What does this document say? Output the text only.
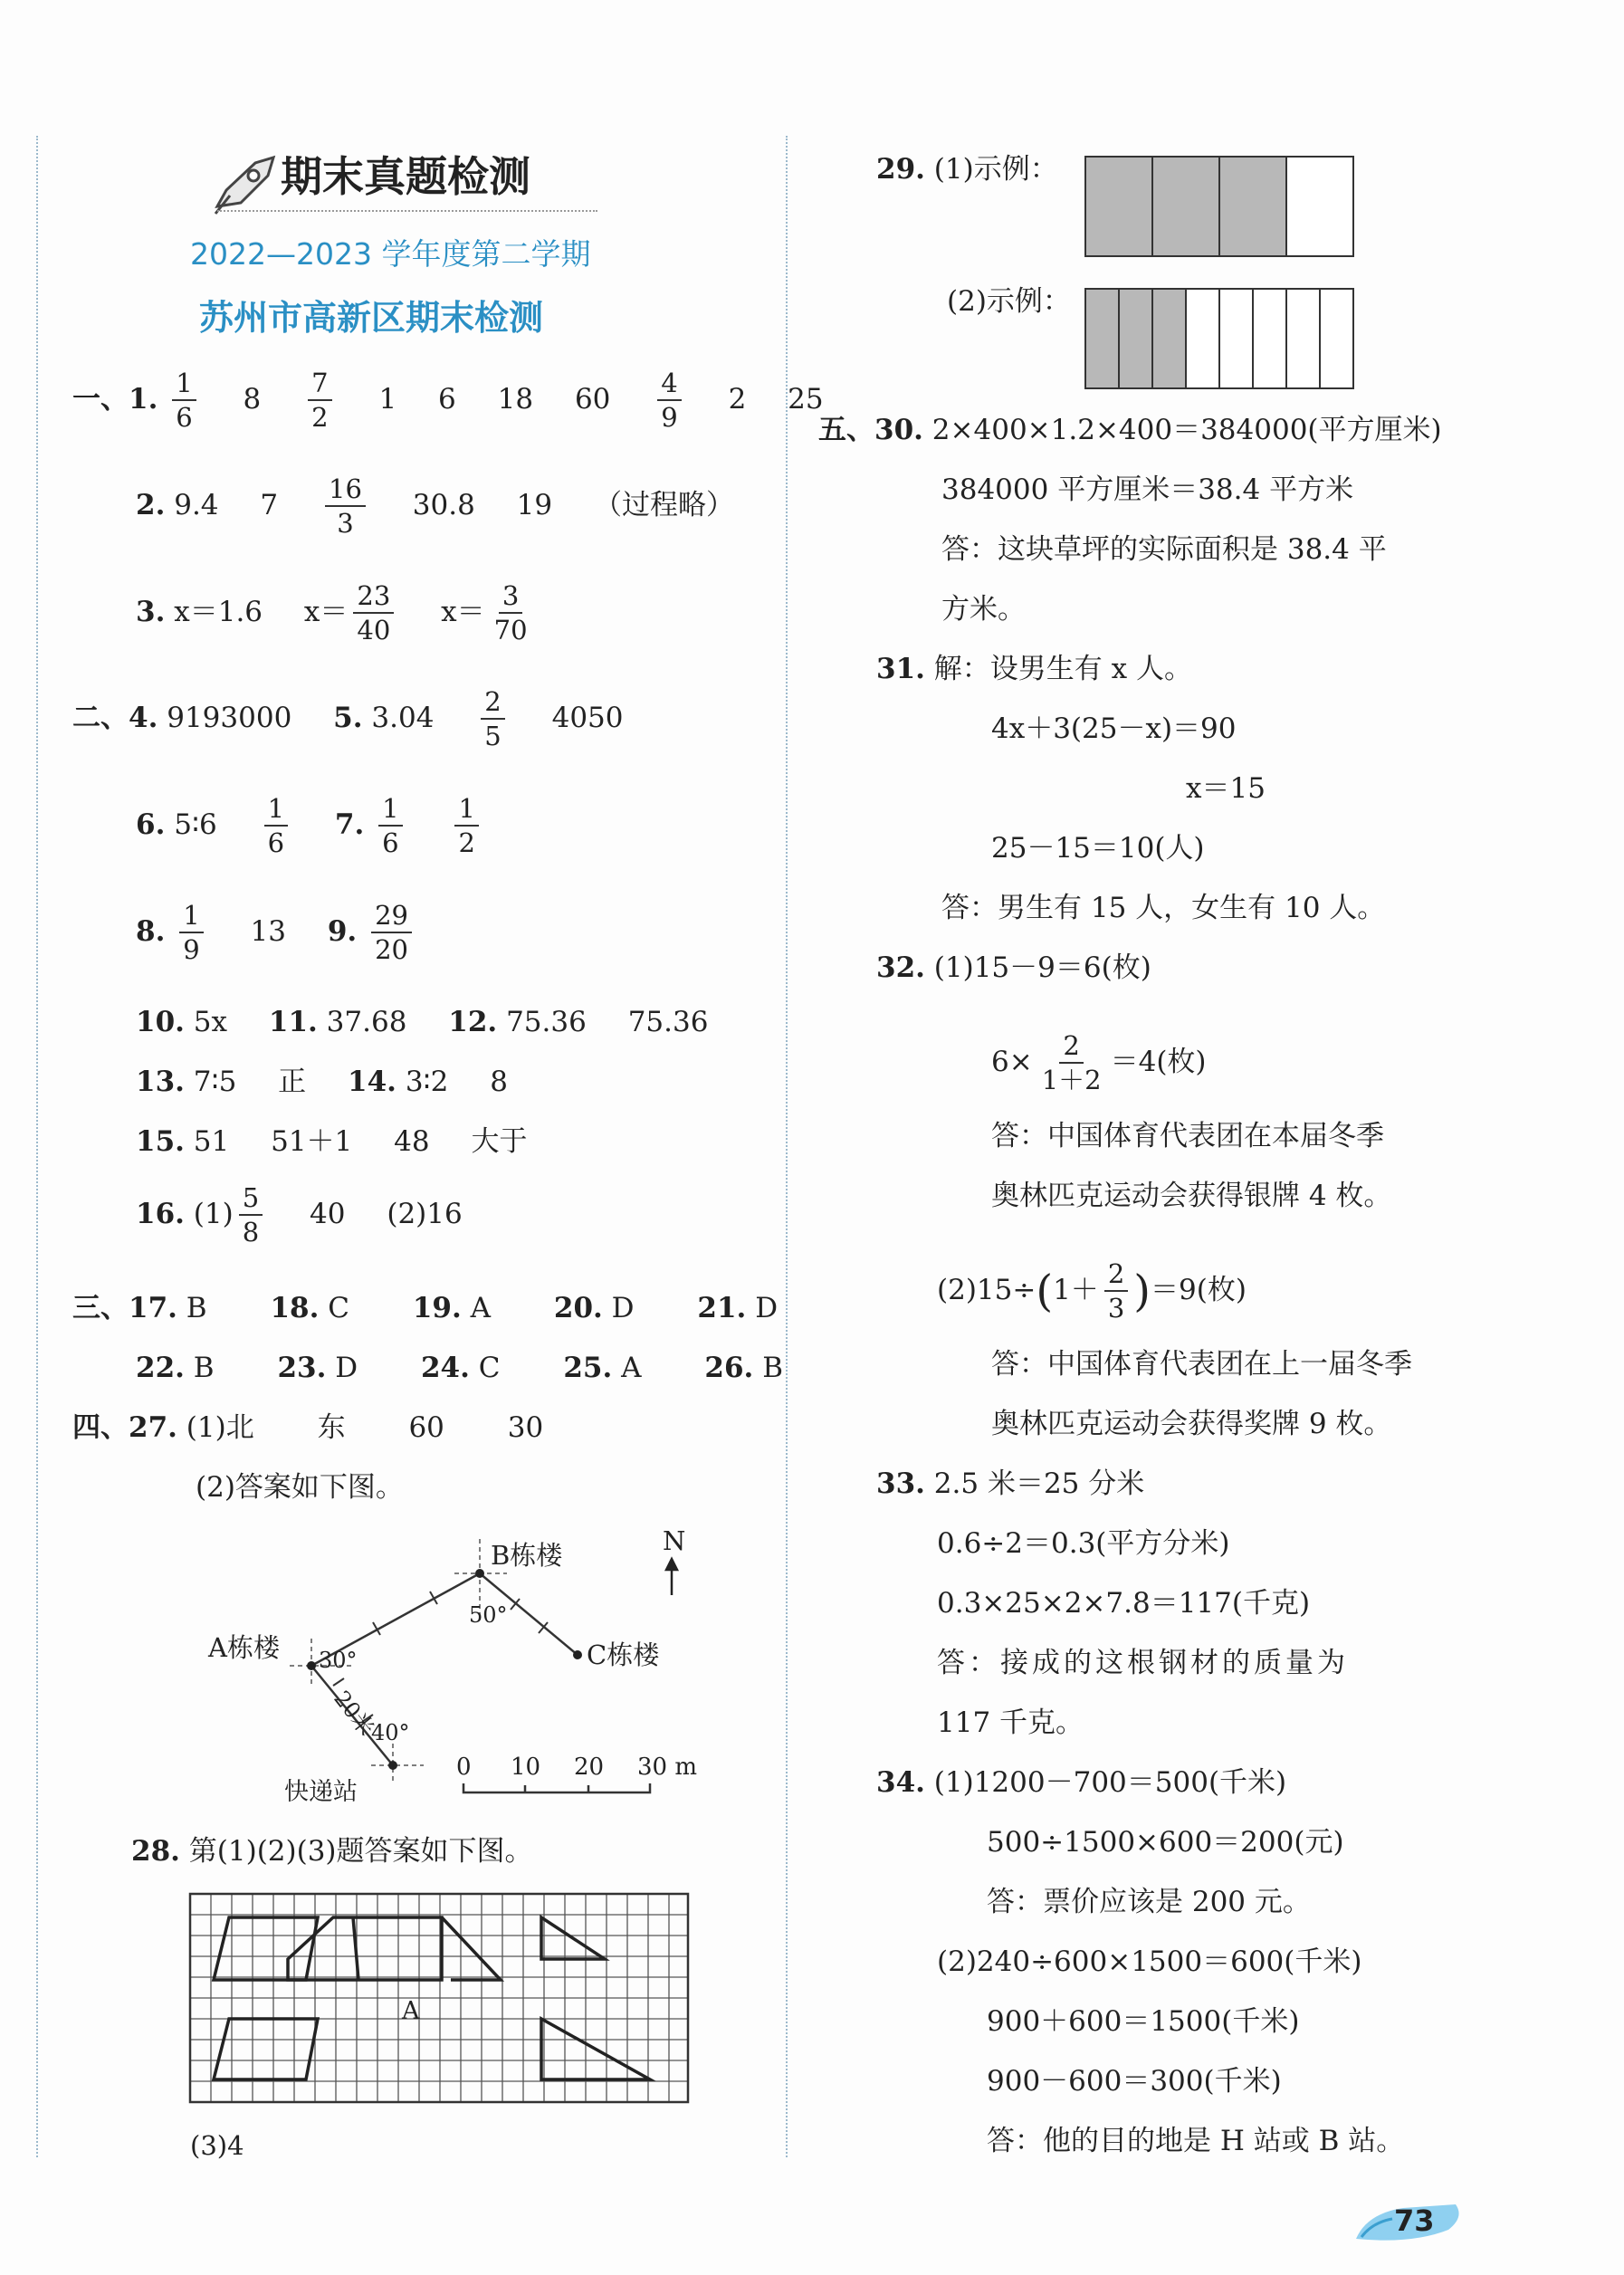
期末真题检测
2022—2023 学年度第二学期
苏州市高新区期末检测
一、1. $\frac{1}{6} 8 \frac{7}{2} 1$ 6 18 $60 \frac{4}{9} 2$ 25
2. 9.4 $7 \frac{16}{3} 30.8$ 19 （过程略）
3. x＝1.6 $x= \frac{23}{40} x= \frac{3}{70}$
二、4. 9193000 5. $3.04 \frac{2}{5} 4050$
6. 5∶6 $\frac{1}{6} 7$. $\frac{1}{6}$
$\frac{1}{2}$
8. $\frac{1}{9} 13$ 9. $\frac{29}{20}$
10. 5x 11. 37.68 12. 75.36 75.36
13. 7∶5 正 14. 3∶2 8
15. 51 51＋1 48 大于
16. $(1) \frac{5}{8} 40$ (2)16
三、17. B 18. C 19. A 20. D 21. D
22. B 23. D 24. C 25. A 26. B
四、27. (1)北 东 60 30
(2)答案如下图。
B栋楼
A栋楼	C栋楼
快递站
50°
30°
40°
20米
N
0 10 20 30 m
28. 第(1)(2)(3)题答案如下图。
A
(3)4
29. (1)示例：
(2)示例：
五、30. 2×400×1.2×400＝384000(平方厘米)
384000 平方厘米＝38.4 平方米
答：这块草坪的实际面积是 38.4 平
方米。
31. 解：设男生有 x 人。
4x＋3(25－x)＝90
x＝15
25－15＝10(人)
答：男生有 15 人，女生有 10 人。
32. (1)15－9＝6(枚)
$6\times \frac{2}{1+2} =4$(枚)
答：中国体育代表团在本届冬季
奥林匹克运动会获得银牌 4 枚。
$(2)15\div(1+ \frac{2}{3} )=9$(枚)
答：中国体育代表团在上一届冬季
奥林匹克运动会获得奖牌 9 枚。
33. 2.5 米＝25 分米
0.6÷2＝0.3(平方分米)
0.3×25×2×7.8＝117(千克)
答：接成的这根钢材的质量为
117 千克。
34. (1)1200－700＝500(千米)
500÷1500×600＝200(元)
答：票价应该是 200 元。
(2)240÷600×1500＝600(千米)
900＋600＝1500(千米)
900－600＝300(千米)
答：他的目的地是 H 站或 B 站。
73
